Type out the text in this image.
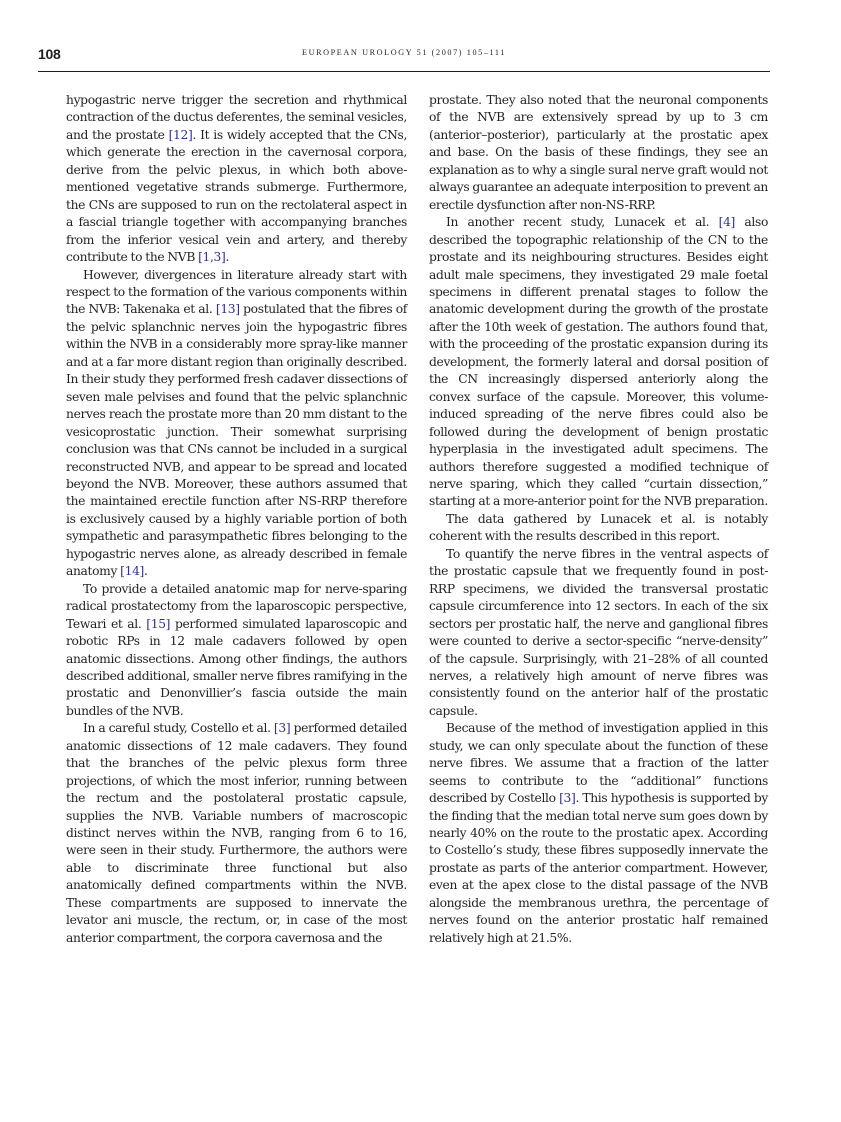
108	EUROPEAN UROLOGY 51 (2007) 105–111

hypogastric nerve trigger the secretion and rhythmical contraction of the ductus deferentes, the seminal vesicles, and the prostate [12]. It is widely accepted that the CNs, which generate the erection in the cavernosal corpora, derive from the pelvic plexus, in which both above-mentioned vegetative strands submerge. Furthermore, the CNs are supposed to run on the rectolateral aspect in a fascial triangle together with accompanying branches from the inferior vesical vein and artery, and thereby contribute to the NVB [1,3].

However, divergences in literature already start with respect to the formation of the various components within the NVB: Takenaka et al. [13] postulated that the fibres of the pelvic splanchnic nerves join the hypogastric fibres within the NVB in a considerably more spray-like manner and at a far more distant region than originally described. In their study they performed fresh cadaver dissections of seven male pelvises and found that the pelvic splanchnic nerves reach the prostate more than 20 mm distant to the vesicoprostatic junction. Their somewhat surprising conclusion was that CNs cannot be included in a surgical reconstructed NVB, and appear to be spread and located beyond the NVB. Moreover, these authors assumed that the maintained erectile function after NS-RRP therefore is exclusively caused by a highly variable portion of both sympathetic and parasympathetic fibres belonging to the hypogastric nerves alone, as already described in female anatomy [14].

To provide a detailed anatomic map for nerve-sparing radical prostatectomy from the laparoscopic perspective, Tewari et al. [15] performed simulated laparoscopic and robotic RPs in 12 male cadavers followed by open anatomic dissections. Among other findings, the authors described additional, smaller nerve fibres ramifying in the prostatic and Denonvillier’s fascia outside the main bundles of the NVB.

In a careful study, Costello et al. [3] performed detailed anatomic dissections of 12 male cadavers. They found that the branches of the pelvic plexus form three projections, of which the most inferior, running between the rectum and the postolateral prostatic capsule, supplies the NVB. Variable numbers of macroscopic distinct nerves within the NVB, ranging from 6 to 16, were seen in their study. Furthermore, the authors were able to discriminate three functional but also anatomically defined compartments within the NVB. These compartments are supposed to innervate the levator ani muscle, the rectum, or, in case of the most anterior compartment, the corpora cavernosa and the

prostate. They also noted that the neuronal components of the NVB are extensively spread by up to 3 cm (anterior–posterior), particularly at the prostatic apex and base. On the basis of these findings, they see an explanation as to why a single sural nerve graft would not always guarantee an adequate interposition to prevent an erectile dysfunction after non-NS-RRP.

In another recent study, Lunacek et al. [4] also described the topographic relationship of the CN to the prostate and its neighbouring structures. Besides eight adult male specimens, they investigated 29 male foetal specimens in different prenatal stages to follow the anatomic development during the growth of the prostate after the 10th week of gestation. The authors found that, with the proceeding of the prostatic expansion during its development, the formerly lateral and dorsal position of the CN increasingly dispersed anteriorly along the convex surface of the capsule. Moreover, this volume-induced spreading of the nerve fibres could also be followed during the development of benign prostatic hyperplasia in the investigated adult specimens. The authors therefore suggested a modified technique of nerve sparing, which they called “curtain dissection,” starting at a more-anterior point for the NVB preparation.

The data gathered by Lunacek et al. is notably coherent with the results described in this report.

To quantify the nerve fibres in the ventral aspects of the prostatic capsule that we frequently found in post-RRP specimens, we divided the transversal prostatic capsule circumference into 12 sectors. In each of the six sectors per prostatic half, the nerve and ganglional fibres were counted to derive a sector-specific “nerve-density” of the capsule. Surprisingly, with 21–28% of all counted nerves, a relatively high amount of nerve fibres was consistently found on the anterior half of the prostatic capsule.

Because of the method of investigation applied in this study, we can only speculate about the function of these nerve fibres. We assume that a fraction of the latter seems to contribute to the “additional” functions described by Costello [3]. This hypothesis is supported by the finding that the median total nerve sum goes down by nearly 40% on the route to the prostatic apex. According to Costello’s study, these fibres supposedly innervate the prostate as parts of the anterior compartment. However, even at the apex close to the distal passage of the NVB alongside the membranous urethra, the percentage of nerves found on the anterior prostatic half remained relatively high at 21.5%.
